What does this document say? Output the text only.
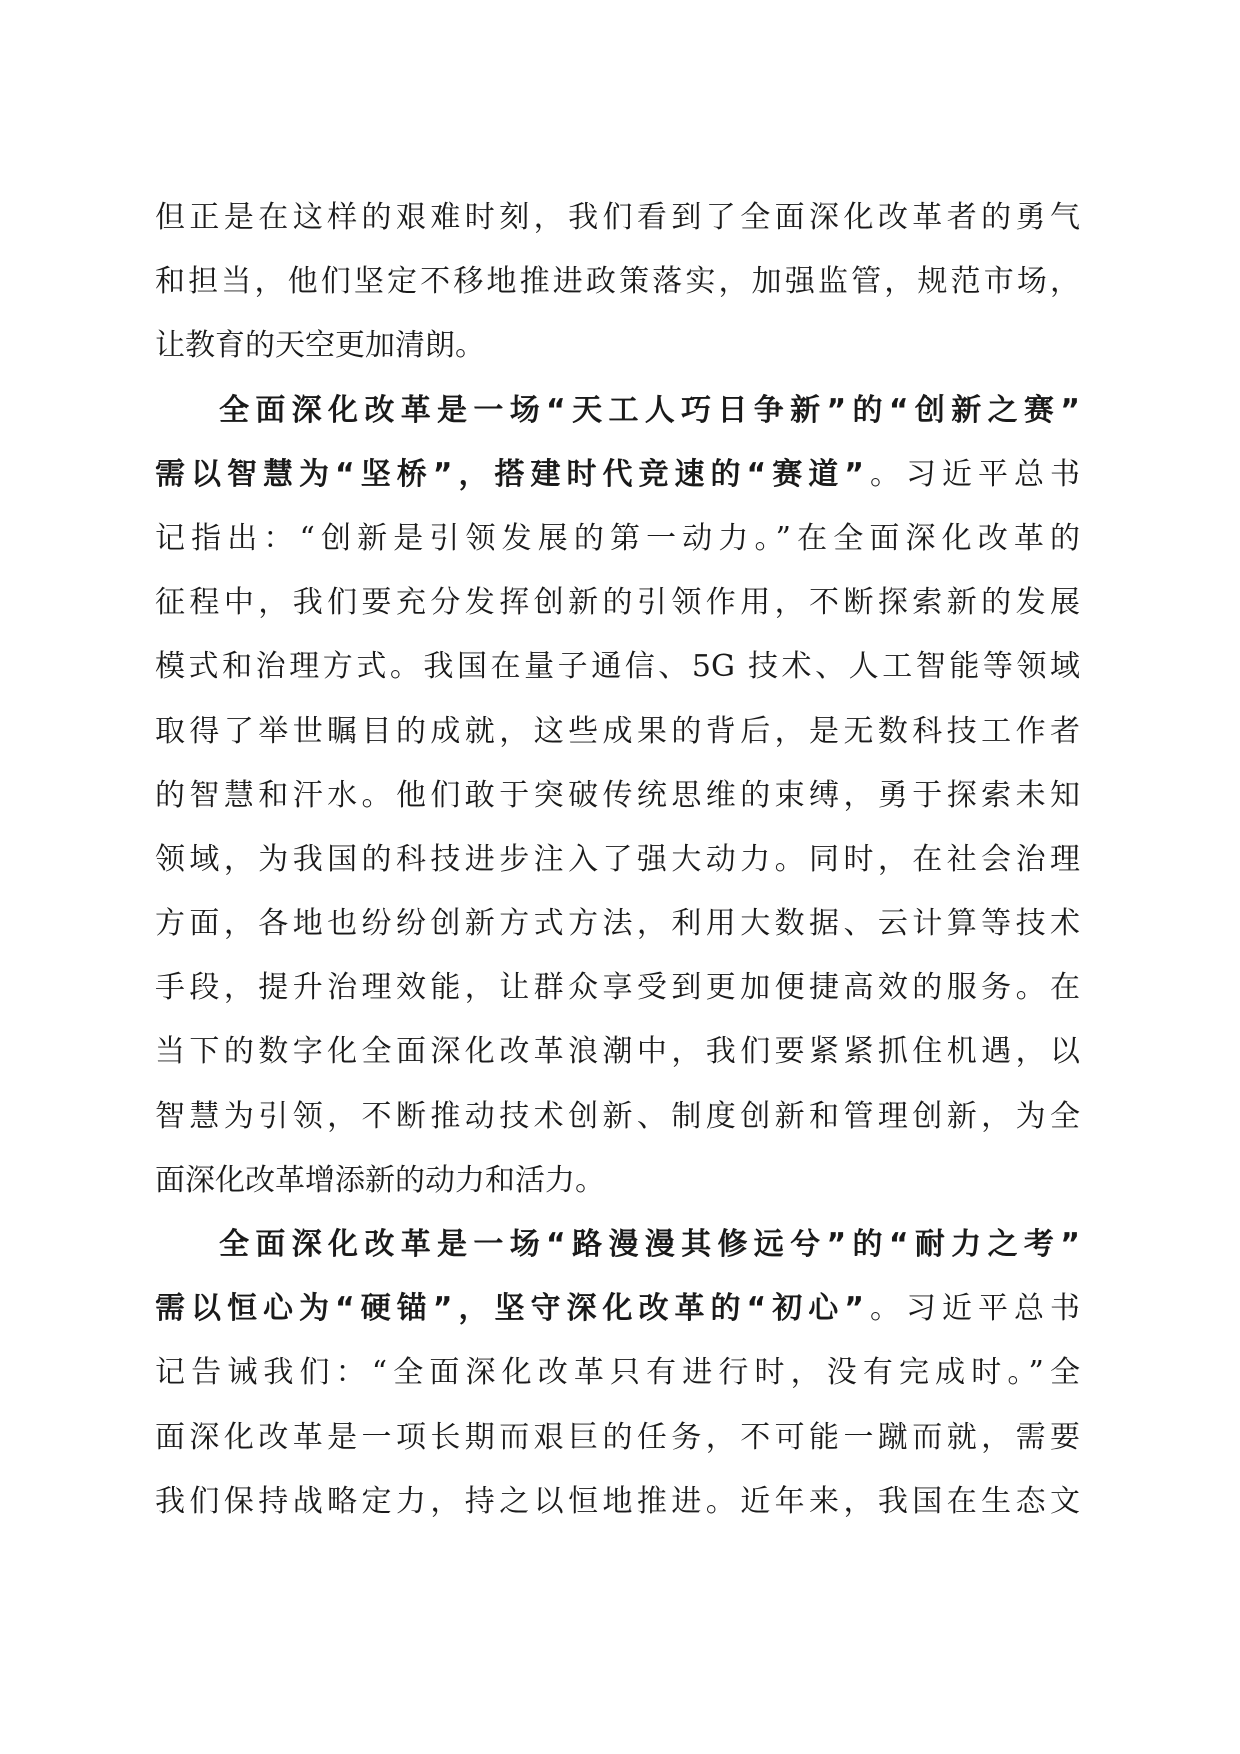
但正是在这样的艰难时刻，我们看到了全面深化改革者的勇气
和担当，他们坚定不移地推进政策落实，加强监管，规范市场，
让教育的天空更加清朗。
全面深化改革是一场“天工人巧日争新”的“创新之赛”
需以智慧为“坚桥”，搭建时代竞速的“赛道”。习近平总书
记指出：“创新是引领发展的第一动力。”在全面深化改革的
征程中，我们要充分发挥创新的引领作用，不断探索新的发展
模式和治理方式。我国在量子通信、5G 技术、人工智能等领域
取得了举世瞩目的成就，这些成果的背后，是无数科技工作者
的智慧和汗水。他们敢于突破传统思维的束缚，勇于探索未知
领域，为我国的科技进步注入了强大动力。同时，在社会治理
方面，各地也纷纷创新方式方法，利用大数据、云计算等技术
手段，提升治理效能，让群众享受到更加便捷高效的服务。在
当下的数字化全面深化改革浪潮中，我们要紧紧抓住机遇，以
智慧为引领，不断推动技术创新、制度创新和管理创新，为全
面深化改革增添新的动力和活力。
全面深化改革是一场“路漫漫其修远兮”的“耐力之考”
需以恒心为“硬锚”，坚守深化改革的“初心”。习近平总书
记告诫我们：“全面深化改革只有进行时，没有完成时。”全
面深化改革是一项长期而艰巨的任务，不可能一蹴而就，需要
我们保持战略定力，持之以恒地推进。近年来，我国在生态文
